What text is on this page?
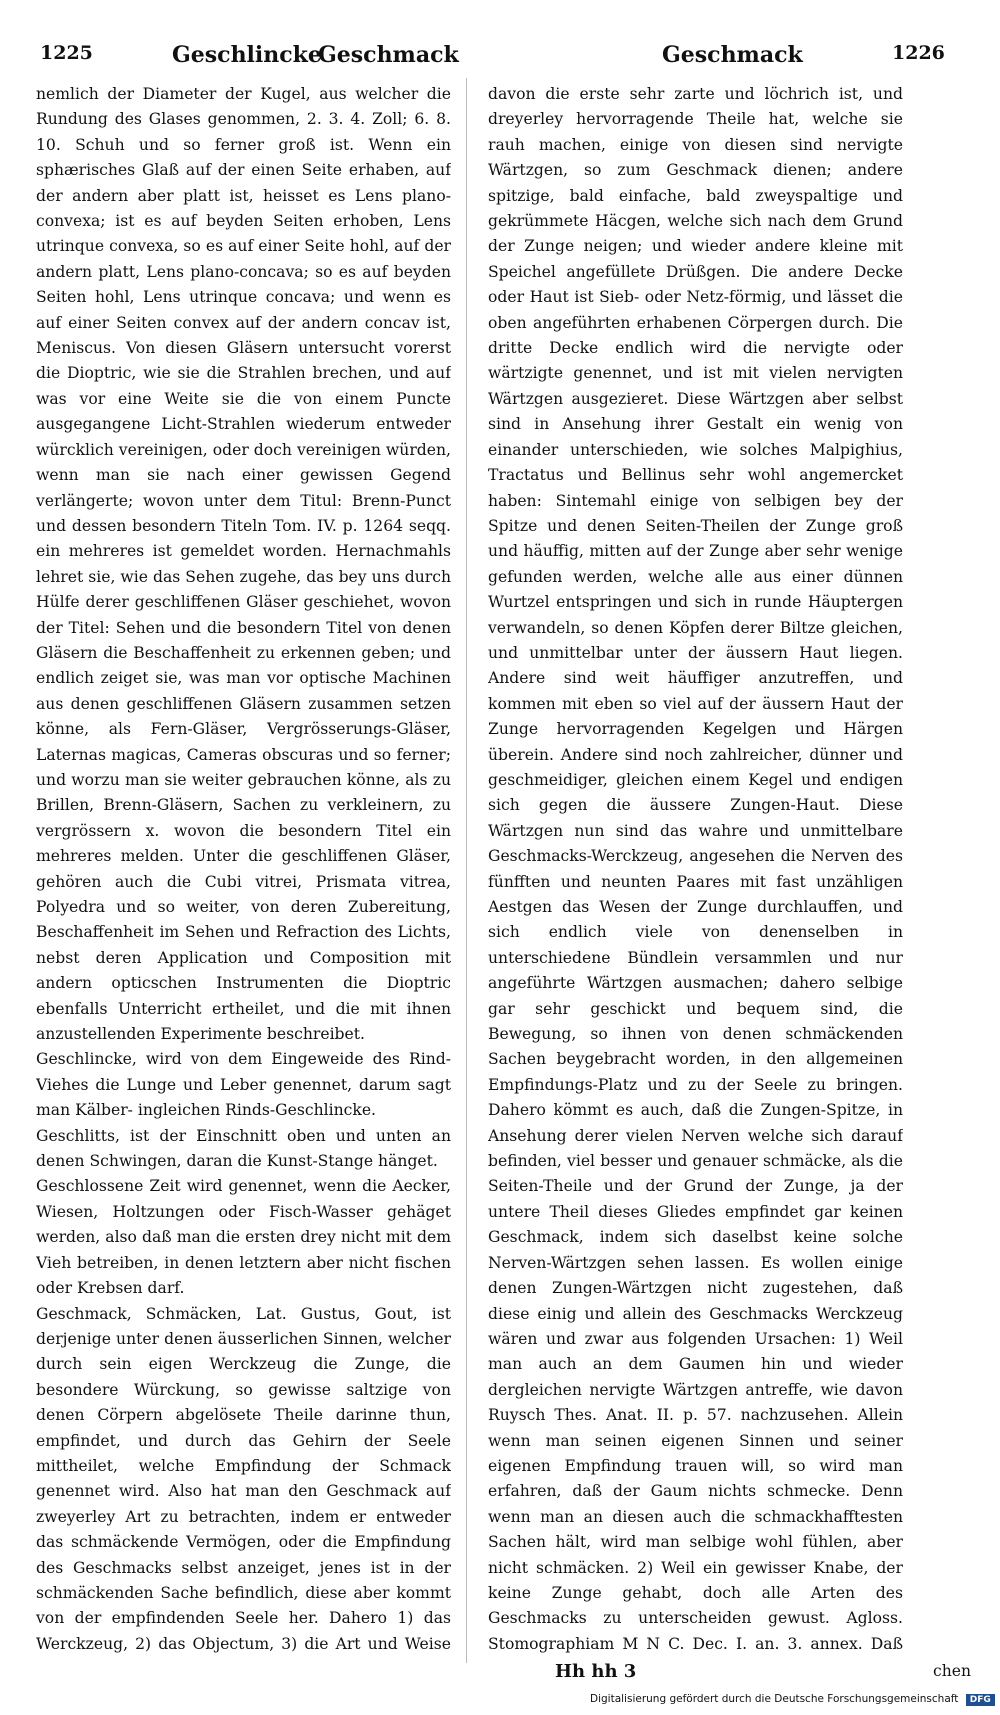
1225	Geschlincke
Geschmack	Geschmack	1226

nemlich der Diameter der Kugel, aus welcher die Rundung des Glases genommen, 2. 3. 4. Zoll; 6. 8. 10. Schuh und so ferner groß ist. Wenn ein sphærisches Glaß auf der einen Seite erhaben, auf der andern aber platt ist, heisset es Lens plano-convexa; ist es auf beyden Seiten erhoben, Lens utrinque convexa, so es auf einer Seite hohl, auf der andern platt, Lens plano-concava; so es auf beyden Seiten hohl, Lens utrinque concava; und wenn es auf einer Seiten convex auf der andern concav ist, Meniscus. Von diesen Gläsern untersucht vorerst die Dioptric, wie sie die Strahlen brechen, und auf was vor eine Weite sie die von einem Puncte ausgegangene Licht-Strahlen wiederum entweder würcklich vereinigen, oder doch vereinigen würden, wenn man sie nach einer gewissen Gegend verlängerte; wovon unter dem Titul: Brenn-Punct und dessen besondern Titeln Tom. IV. p. 1264 seqq. ein mehreres ist gemeldet worden. Hernachmahls lehret sie, wie das Sehen zugehe, das bey uns durch Hülfe derer geschliffenen Gläser geschiehet, wovon der Titel: Sehen und die besondern Titel von denen Gläsern die Beschaffenheit zu erkennen geben; und endlich zeiget sie, was man vor optische Machinen aus denen geschliffenen Gläsern zusammen setzen könne, als Fern-Gläser, Vergrösserungs-Gläser, Laternas magicas, Cameras obscuras und so ferner; und worzu man sie weiter gebrauchen könne, als zu Brillen, Brenn-Gläsern, Sachen zu verkleinern, zu vergrössern x. wovon die besondern Titel ein mehreres melden. Unter die geschliffenen Gläser, gehören auch die Cubi vitrei, Prismata vitrea, Polyedra und so weiter, von deren Zubereitung, Beschaffenheit im Sehen und Refraction des Lichts, nebst deren Application und Composition mit andern opticschen Instrumenten die Dioptric ebenfalls Unterricht ertheilet, und die mit ihnen anzustellenden Experimente beschreibet.

Geschlincke, wird von dem Eingeweide des Rind-Viehes die Lunge und Leber genennet, darum sagt man Kälber- ingleichen Rinds-Geschlincke.

Geschlitts, ist der Einschnitt oben und unten an denen Schwingen, daran die Kunst-Stange hänget.

Geschlossene Zeit wird genennet, wenn die Aecker, Wiesen, Holtzungen oder Fisch-Wasser gehäget werden, also daß man die ersten drey nicht mit dem Vieh betreiben, in denen letztern aber nicht fischen oder Krebsen darf.

Geschmack, Schmäcken, Lat. Gustus, Gout, ist derjenige unter denen äusserlichen Sinnen, welcher durch sein eigen Werckzeug die Zunge, die besondere Würckung, so gewisse saltzige von denen Cörpern abgelösete Theile darinne thun, empfindet, und durch das Gehirn der Seele mittheilet, welche Empfindung der Schmack genennet wird. Also hat man den Geschmack auf zweyerley Art zu betrachten, indem er entweder das schmäckende Vermögen, oder die Empfindung des Geschmacks selbst anzeiget, jenes ist in der schmäckenden Sache befindlich, diese aber kommt von der empfindenden Seele her. Dahero 1) das Werckzeug, 2) das Objectum, 3) die Art und Weise

davon die erste sehr zarte und löchrich ist, und dreyerley hervorragende Theile hat, welche sie rauh machen, einige von diesen sind nervigte Wärtzgen, so zum Geschmack dienen; andere spitzige, bald einfache, bald zweyspaltige und gekrümmete Häcgen, welche sich nach dem Grund der Zunge neigen; und wieder andere kleine mit Speichel angefüllete Drüßgen. Die andere Decke oder Haut ist Sieb- oder Netz-förmig, und lässet die oben angeführten erhabenen Cörpergen durch. Die dritte Decke endlich wird die nervigte oder wärtzigte genennet, und ist mit vielen nervigten Wärtzgen ausgezieret. Diese Wärtzgen aber selbst sind in Ansehung ihrer Gestalt ein wenig von einander unterschieden, wie solches Malpighius, Tractatus und Bellinus sehr wohl angemercket haben: Sintemahl einige von selbigen bey der Spitze und denen Seiten-Theilen der Zunge groß und häuffig, mitten auf der Zunge aber sehr wenige gefunden werden, welche alle aus einer dünnen Wurtzel entspringen und sich in runde Häuptergen verwandeln, so denen Köpfen derer Biltze gleichen, und unmittelbar unter der äussern Haut liegen. Andere sind weit häuffiger anzutreffen, und kommen mit eben so viel auf der äussern Haut der Zunge hervorragenden Kegelgen und Härgen überein. Andere sind noch zahlreicher, dünner und geschmeidiger, gleichen einem Kegel und endigen sich gegen die äussere Zungen-Haut. Diese Wärtzgen nun sind das wahre und unmittelbare Geschmacks-Werckzeug, angesehen die Nerven des fünfften und neunten Paares mit fast unzähligen Aestgen das Wesen der Zunge durchlauffen, und sich endlich viele von denenselben in unterschiedene Bündlein versammlen und nur angeführte Wärtzgen ausmachen; dahero selbige gar sehr geschickt und bequem sind, die Bewegung, so ihnen von denen schmäckenden Sachen beygebracht worden, in den allgemeinen Empfindungs-Platz und zu der Seele zu bringen. Dahero kömmt es auch, daß die Zungen-Spitze, in Ansehung derer vielen Nerven welche sich darauf befinden, viel besser und genauer schmäcke, als die Seiten-Theile und der Grund der Zunge, ja der untere Theil dieses Gliedes empfindet gar keinen Geschmack, indem sich daselbst keine solche Nerven-Wärtzgen sehen lassen. Es wollen einige denen Zungen-Wärtzgen nicht zugestehen, daß diese einig und allein des Geschmacks Werckzeug wären und zwar aus folgenden Ursachen: 1) Weil man auch an dem Gaumen hin und wieder dergleichen nervigte Wärtzgen antreffe, wie davon Ruysch Thes. Anat. II. p. 57. nachzusehen. Allein wenn man seinen eigenen Sinnen und seiner eigenen Empfindung trauen will, so wird man erfahren, daß der Gaum nichts schmecke. Denn wenn man an diesen auch die schmackhafftesten Sachen hält, wird man selbige wohl fühlen, aber nicht schmäcken. 2) Weil ein gewisser Knabe, der keine Zunge gehabt, doch alle Arten des Geschmacks zu unterscheiden gewust. Agloss. Stomographiam M N C. Dec. I. an. 3. annex. Daß

Hh hh 3	chen
Digitalisierung gefördert durch die Deutsche Forschungsgemeinschaft DFG
